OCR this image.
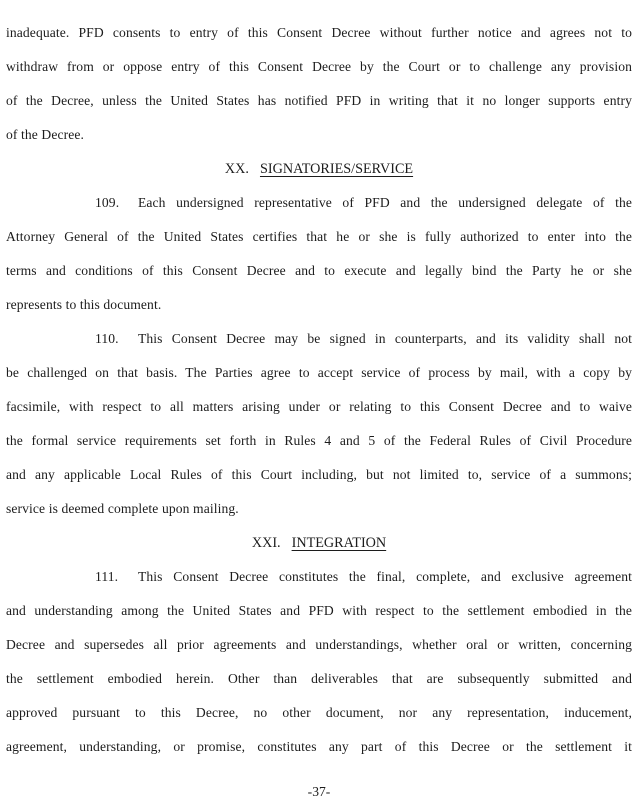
inadequate. PFD consents to entry of this Consent Decree without further notice and agrees not to
withdraw from or oppose entry of this Consent Decree by the Court or to challenge any provision
of the Decree, unless the United States has notified PFD in writing that it no longer supports entry
of the Decree.
XX. SIGNATORIES/SERVICE
109. Each undersigned representative of PFD and the undersigned delegate of the
Attorney General of the United States certifies that he or she is fully authorized to enter into the
terms and conditions of this Consent Decree and to execute and legally bind the Party he or she
represents to this document.
110. This Consent Decree may be signed in counterparts, and its validity shall not
be challenged on that basis. The Parties agree to accept service of process by mail, with a copy by
facsimile, with respect to all matters arising under or relating to this Consent Decree and to waive
the formal service requirements set forth in Rules 4 and 5 of the Federal Rules of Civil Procedure
and any applicable Local Rules of this Court including, but not limited to, service of a summons;
service is deemed complete upon mailing.
XXI. INTEGRATION
111. This Consent Decree constitutes the final, complete, and exclusive agreement
and understanding among the United States and PFD with respect to the settlement embodied in the
Decree and supersedes all prior agreements and understandings, whether oral or written, concerning
the settlement embodied herein. Other than deliverables that are subsequently submitted and
approved pursuant to this Decree, no other document, nor any representation, inducement,
agreement, understanding, or promise, constitutes any part of this Decree or the settlement it
-37-
